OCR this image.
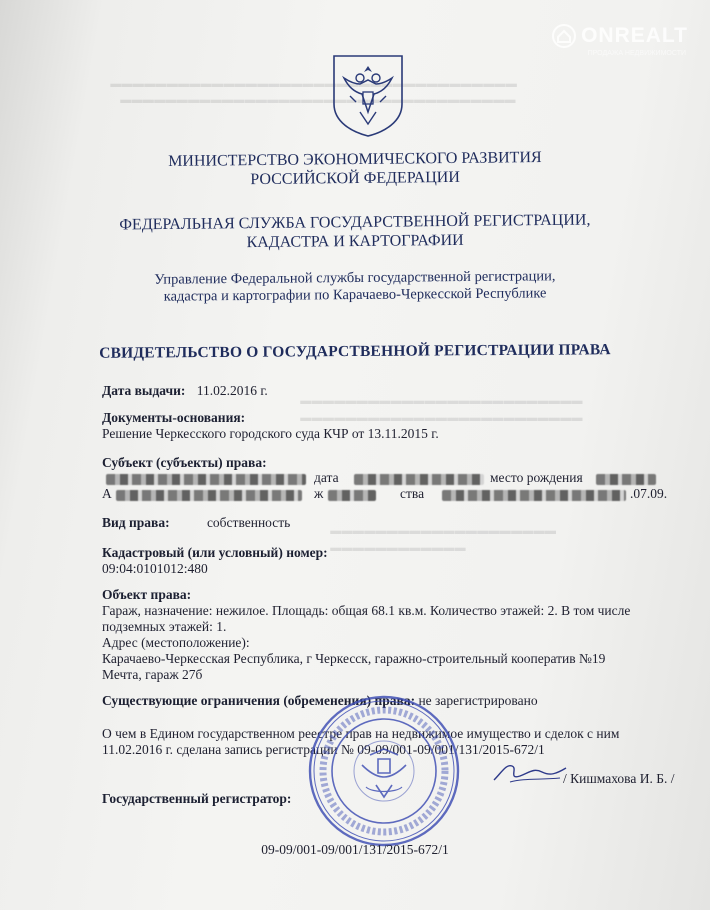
▬▬▬▬▬▬▬▬▬▬▬▬▬▬▬▬▬▬▬▬▬▬▬▬▬▬▬▬▬▬▬▬▬▬▬▬
▬▬▬▬▬▬▬▬▬▬▬▬▬▬▬▬▬▬▬▬▬▬▬▬▬▬▬▬▬▬▬▬▬▬▬
▬▬▬▬▬▬▬▬▬▬▬▬▬▬▬▬▬▬▬▬▬▬▬▬▬
▬▬▬▬▬▬▬▬▬▬▬▬▬▬▬▬▬▬▬▬▬▬▬▬▬
▬▬▬▬▬▬▬▬▬▬▬▬▬▬▬▬▬▬▬▬
▬▬▬▬▬▬▬▬▬▬▬▬
ONREALT
ПРОДАЖА НЕДВИЖИМОСТИ
МИНИСТЕРСТВО ЭКОНОМИЧЕСКОГО РАЗВИТИЯ
РОССИЙСКОЙ ФЕДЕРАЦИИ
ФЕДЕРАЛЬНАЯ СЛУЖБА ГОСУДАРСТВЕННОЙ РЕГИСТРАЦИИ,
КАДАСТРА И КАРТОГРАФИИ
Управление Федеральной службы государственной регистрации,
кадастра и картографии по Карачаево-Черкесской Республике
СВИДЕТЕЛЬСТВО О ГОСУДАРСТВЕННОЙ РЕГИСТРАЦИИ ПРАВА
Дата выдачи: 11.02.2016 г.
Документы-основания:
Решение Черкесского городского суда КЧР от 13.11.2015 г.
Субъект (субъекты) права:
дата	место рождения
А	ж	ства	.07.09.
Вид права:	собственность
Кадастровый (или условный) номер:
09:04:0101012:480
Объект права:
Гараж, назначение: нежилое. Площадь: общая 68.1 кв.м. Количество этажей: 2. В том числе
подземных этажей: 1.
Адрес (местоположение):
Карачаево-Черкесская Республика, г Черкесск, гаражно-строительный кооператив №19
Мечта, гараж 27б
Существующие ограничения (обременения) права: не зарегистрировано
О чем в Едином государственном реестре прав на недвижимое имущество и сделок с ним
11.02.2016 г. сделана запись регистрации № 09-09/001-09/001/131/2015-672/1
Государственный регистратор:
/ Кишмахова И. Б. /
09-09/001-09/001/131/2015-672/1
